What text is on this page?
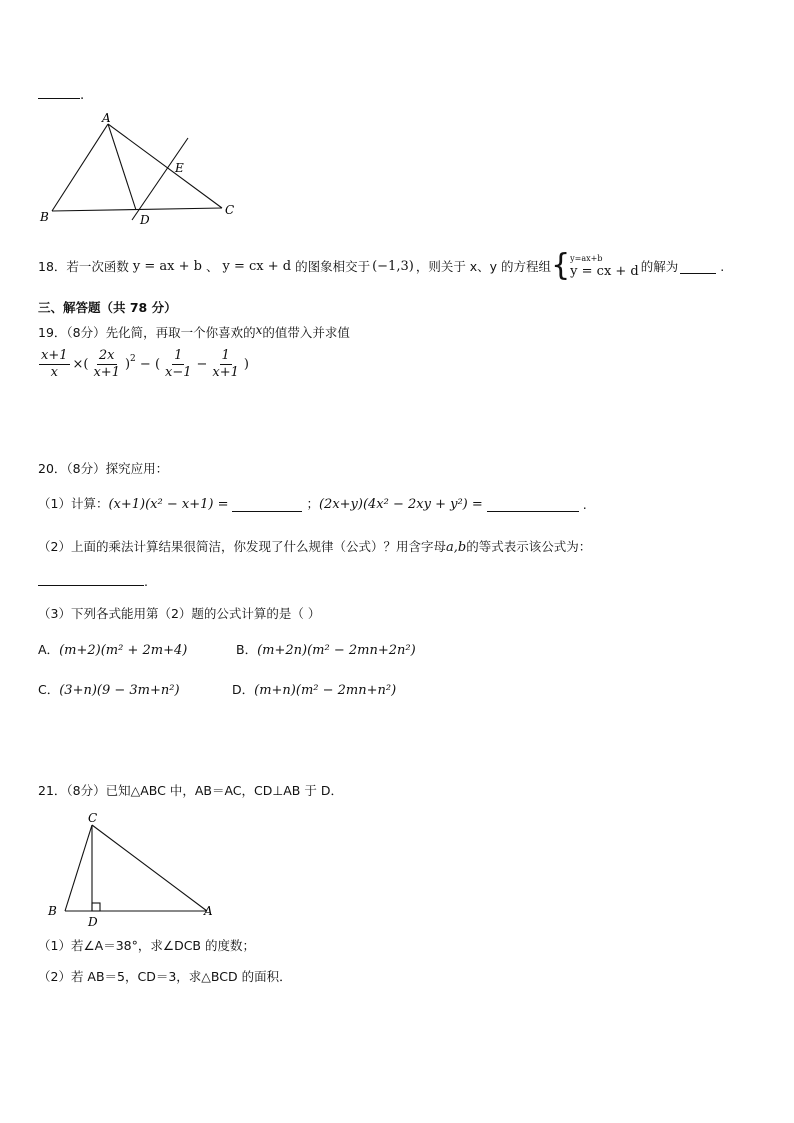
.
A
B	C
D
E
18．若一次函数 y = ax + b 、 y = cx + d 的图象相交于 (−1,3) ，则关于 x、y 的方程组 { y=ax+b
y = cx + d 的解为	.
三、解答题（共 78 分）
19．（8分）先化简，再取一个你喜欢的x的值带入并求值
$\frac{x+1}{x}$ ×( $\frac{2x}{x+1}$ ) 2 − ( $\frac{1}{x-1} - \frac{1}{x+1}$ )
20．（8分）探究应用：
（1）计算： (x+1)(x² − x+1) =	； (2x+y)(4x² − 2xy + y²) =	.
（2）上面的乘法计算结果很简洁，你发现了什么规律（公式）？用含字母a,b的等式表示该公式为：
.
（3）下列各式能用第（2）题的公式计算的是（ ）
A．(m+2)(m² + 2m+4)	B．(m+2n)(m² − 2mn+2n²)
C．(3+n)(9 − 3m+n²)	D．(m+n)(m² − 2mn+n²)
21．（8分）已知△ABC 中，AB＝AC，CD⊥AB 于 D．
C
B
D
A
（1）若∠A＝38°，求∠DCB 的度数；
（2）若 AB＝5，CD＝3，求△BCD 的面积．
